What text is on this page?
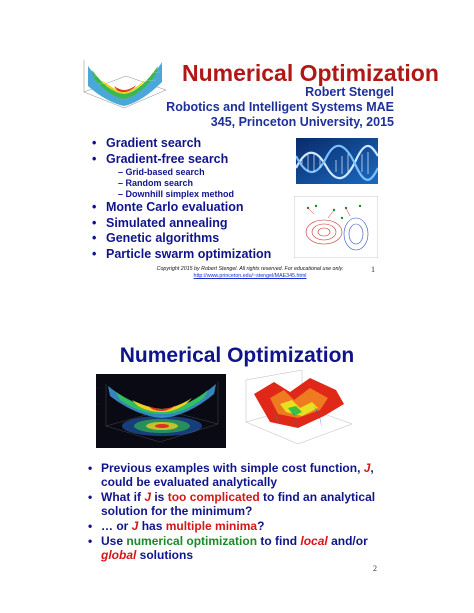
Numerical Optimization
Robert Stengel
Robotics and Intelligent Systems MAE
345, Princeton University, 2015
• Gradient search
• Gradient-free search
– Grid-based search
– Random search
– Downhill simplex method
• Monte Carlo evaluation
• Simulated annealing
• Genetic algorithms
• Particle swarm optimization
Copyright 2015 by Robert Stengel. All rights reserved. For educational use only.
http://www.princeton.edu/~stengel/MAE345.html
1
Numerical Optimization
.
.
• Previous examples with simple cost function, J,
could be evaluated analytically
• What if J is too complicated to find an analytical
solution for the minimum?
• … or J has multiple minima?
• Use numerical optimization to find local and/or
global solutions
2
